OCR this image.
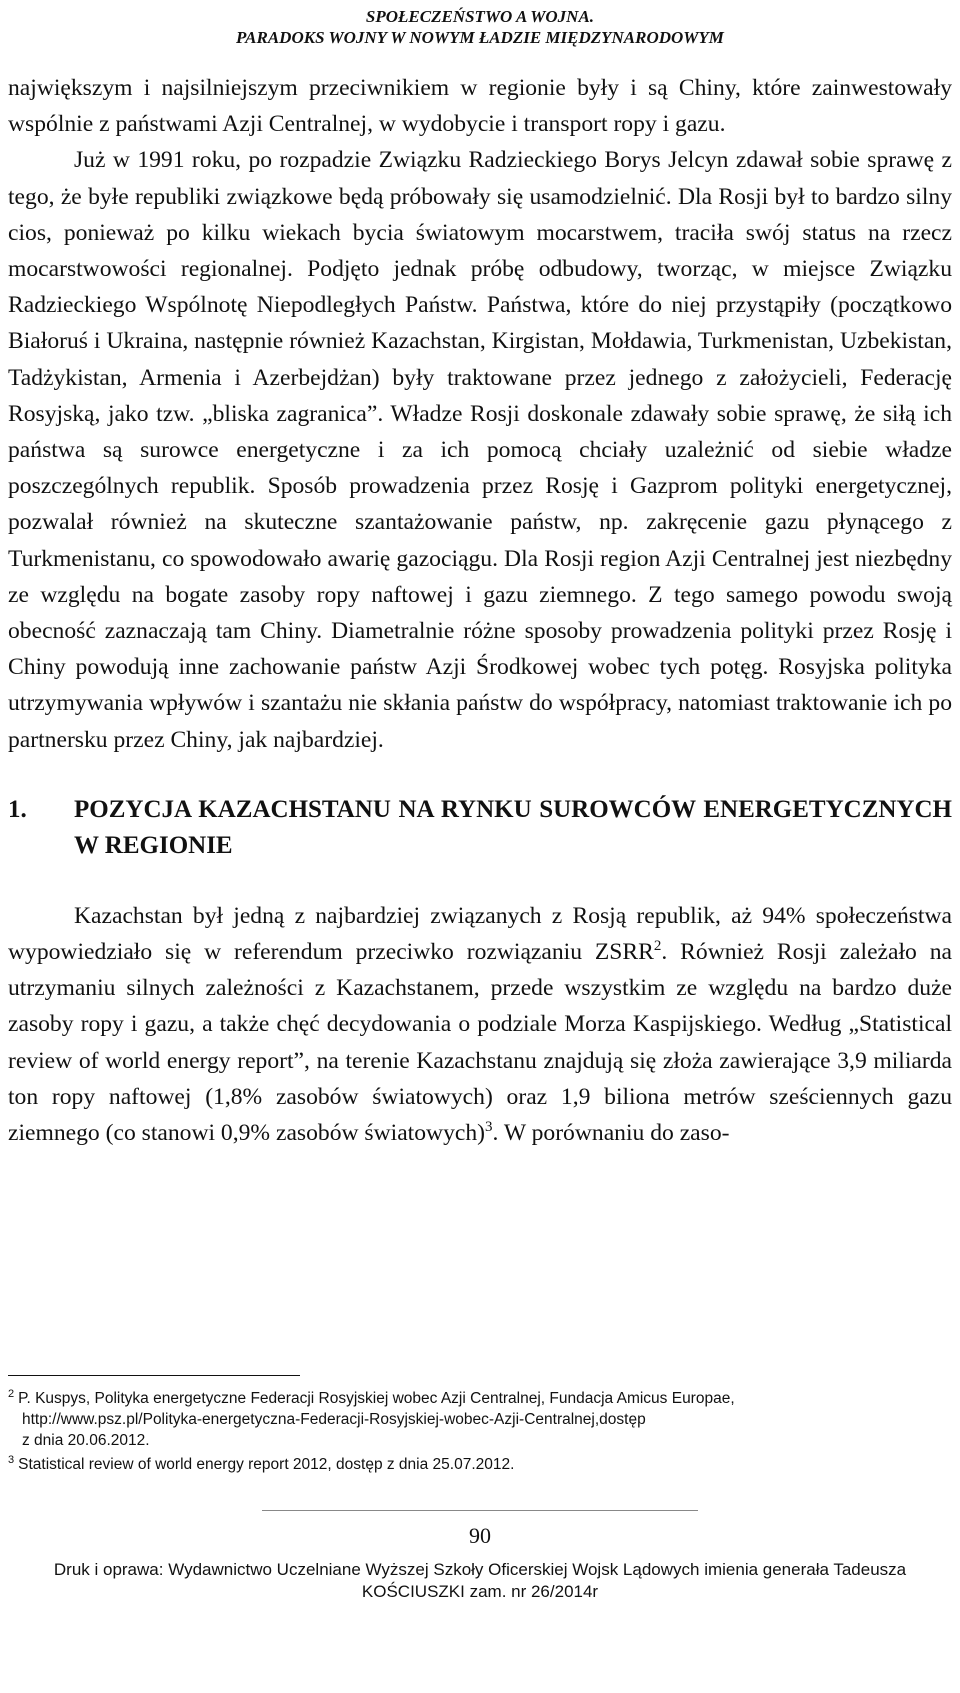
SPOŁECZEŃSTWO A WOJNA.
PARADOKS WOJNY W NOWYM ŁADZIE MIĘDZYNARODOWYM

największym i najsilniejszym przeciwnikiem w regionie były i są Chiny, które zainwestowały wspólnie z państwami Azji Centralnej, w wydobycie i transport ropy i gazu.

Już w 1991 roku, po rozpadzie Związku Radzieckiego Borys Jelcyn zdawał sobie sprawę z tego, że byłe republiki związkowe będą próbowały się usamodzielnić. Dla Rosji był to bardzo silny cios, ponieważ po kilku wiekach bycia światowym mocarstwem, traciła swój status na rzecz mocarstwowości regionalnej. Podjęto jednak próbę odbudowy, tworząc, w miejsce Związku Radzieckiego Wspólnotę Niepodległych Państw. Państwa, które do niej przystąpiły (początkowo Białoruś i Ukraina, następnie również Kazachstan, Kirgistan, Mołdawia, Turkmenistan, Uzbekistan, Tadżykistan, Armenia i Azerbejdżan) były traktowane przez jednego z założycieli, Federację Rosyjską, jako tzw. „bliska zagranica”. Władze Rosji doskonale zdawały sobie sprawę, że siłą ich państwa są surowce energetyczne i za ich pomocą chciały uzależnić od siebie władze poszczególnych republik. Sposób prowadzenia przez Rosję i Gazprom polityki energetycznej, pozwalał również na skuteczne szantażowanie państw, np. zakręcenie gazu płynącego z Turkmenistanu, co spowodowało awarię gazociągu. Dla Rosji region Azji Centralnej jest niezbędny ze względu na bogate zasoby ropy naftowej i gazu ziemnego. Z tego samego powodu swoją obecność zaznaczają tam Chiny. Diametralnie różne sposoby prowadzenia polityki przez Rosję i Chiny powodują inne zachowanie państw Azji Środkowej wobec tych potęg. Rosyjska polityka utrzymywania wpływów i szantażu nie skłania państw do współpracy, natomiast traktowanie ich po partnersku przez Chiny, jak najbardziej.

1.	POZYCJA KAZACHSTANU NA RYNKU SUROWCÓW ENERGETYCZNYCH W REGIONIE

Kazachstan był jedną z najbardziej związanych z Rosją republik, aż 94% społeczeństwa wypowiedziało się w referendum przeciwko rozwiązaniu ZSRR$^2$. Również Rosji zależało na utrzymaniu silnych zależności z Kazachstanem, przede wszystkim ze względu na bardzo duże zasoby ropy i gazu, a także chęć decydowania o podziale Morza Kaspijskiego. Według „Statistical review of world energy report”, na terenie Kazachstanu znajdują się złoża zawierające 3,9 miliarda ton ropy naftowej (1,8% zasobów światowych) oraz 1,9 biliona metrów sześciennych gazu ziemnego (co stanowi 0,9% zasobów światowych)$^3$. W porównaniu do zaso-

$^2$ P. Kuspys, Polityka energetyczne Federacji Rosyjskiej wobec Azji Centralnej, Fundacja Amicus Europae,
http://www.psz.pl/Polityka-energetyczna-Federacji-Rosyjskiej-wobec-Azji-Centralnej,dostęp
z dnia 20.06.2012.

$^3$ Statistical review of world energy report 2012, dostęp z dnia 25.07.2012.

90
Druk i oprawa: Wydawnictwo Uczelniane Wyższej Szkoły Oficerskiej Wojsk Lądowych imienia generała Tadeusza KOŚCIUSZKI zam. nr 26/2014r
